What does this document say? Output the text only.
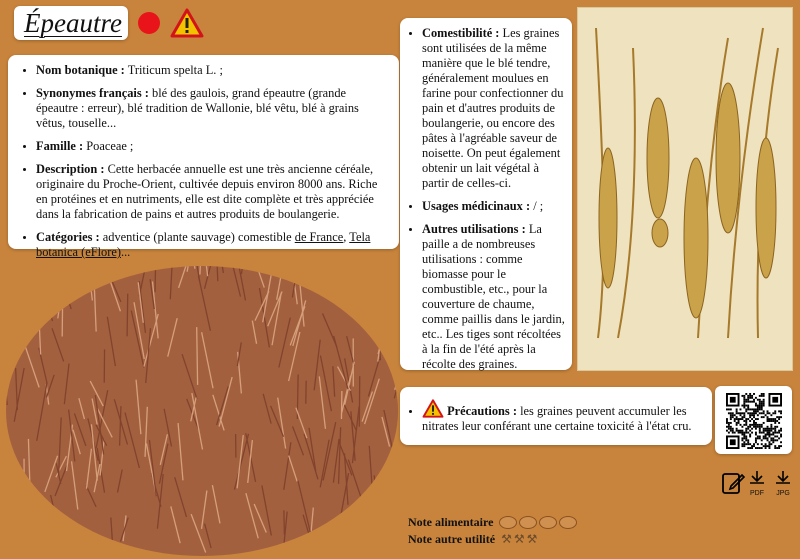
Épeautre
• Nom botanique : Triticum spelta L. ;
• Synonymes français : blé des gaulois, grand épeautre (grande épeautre : erreur), blé tradition de Wallonie, blé vêtu, blé à grains vêtus, touselle...
• Famille : Poaceae ;
• Description : Cette herbacée annuelle est une très ancienne céréale, originaire du Proche-Orient, cultivée depuis environ 8000 ans. Riche en protéines et en nutriments, elle est dite complète et très appréciée dans la fabrication de pains et autres produits de boulangerie.
• Catégories : adventice (plante sauvage) comestible de France, Tela botanica (eFlore)...
• Comestibilité : Les graines sont utilisées de la même manière que le blé tendre, généralement moulues en farine pour confectionner du pain et d'autres produits de boulangerie, ou encore des pâtes à l'agréable saveur de noisette. On peut également obtenir un lait végétal à partir de celles-ci.
• Usages médicinaux : / ;
• Autres utilisations : La paille a de nombreuses utilisations : comme biomasse pour le combustible, etc., pour la couverture de chaume, comme paillis dans le jardin, etc.. Les tiges sont récoltées à la fin de l'été après la récolte des graines.
• Précautions : les graines peuvent accumuler les nitrates leur conférant une certaine toxicité à l'état cru.
PDF	JPG
Note alimentaire
Note autre utilité ⚒ ⚒ ⚒
